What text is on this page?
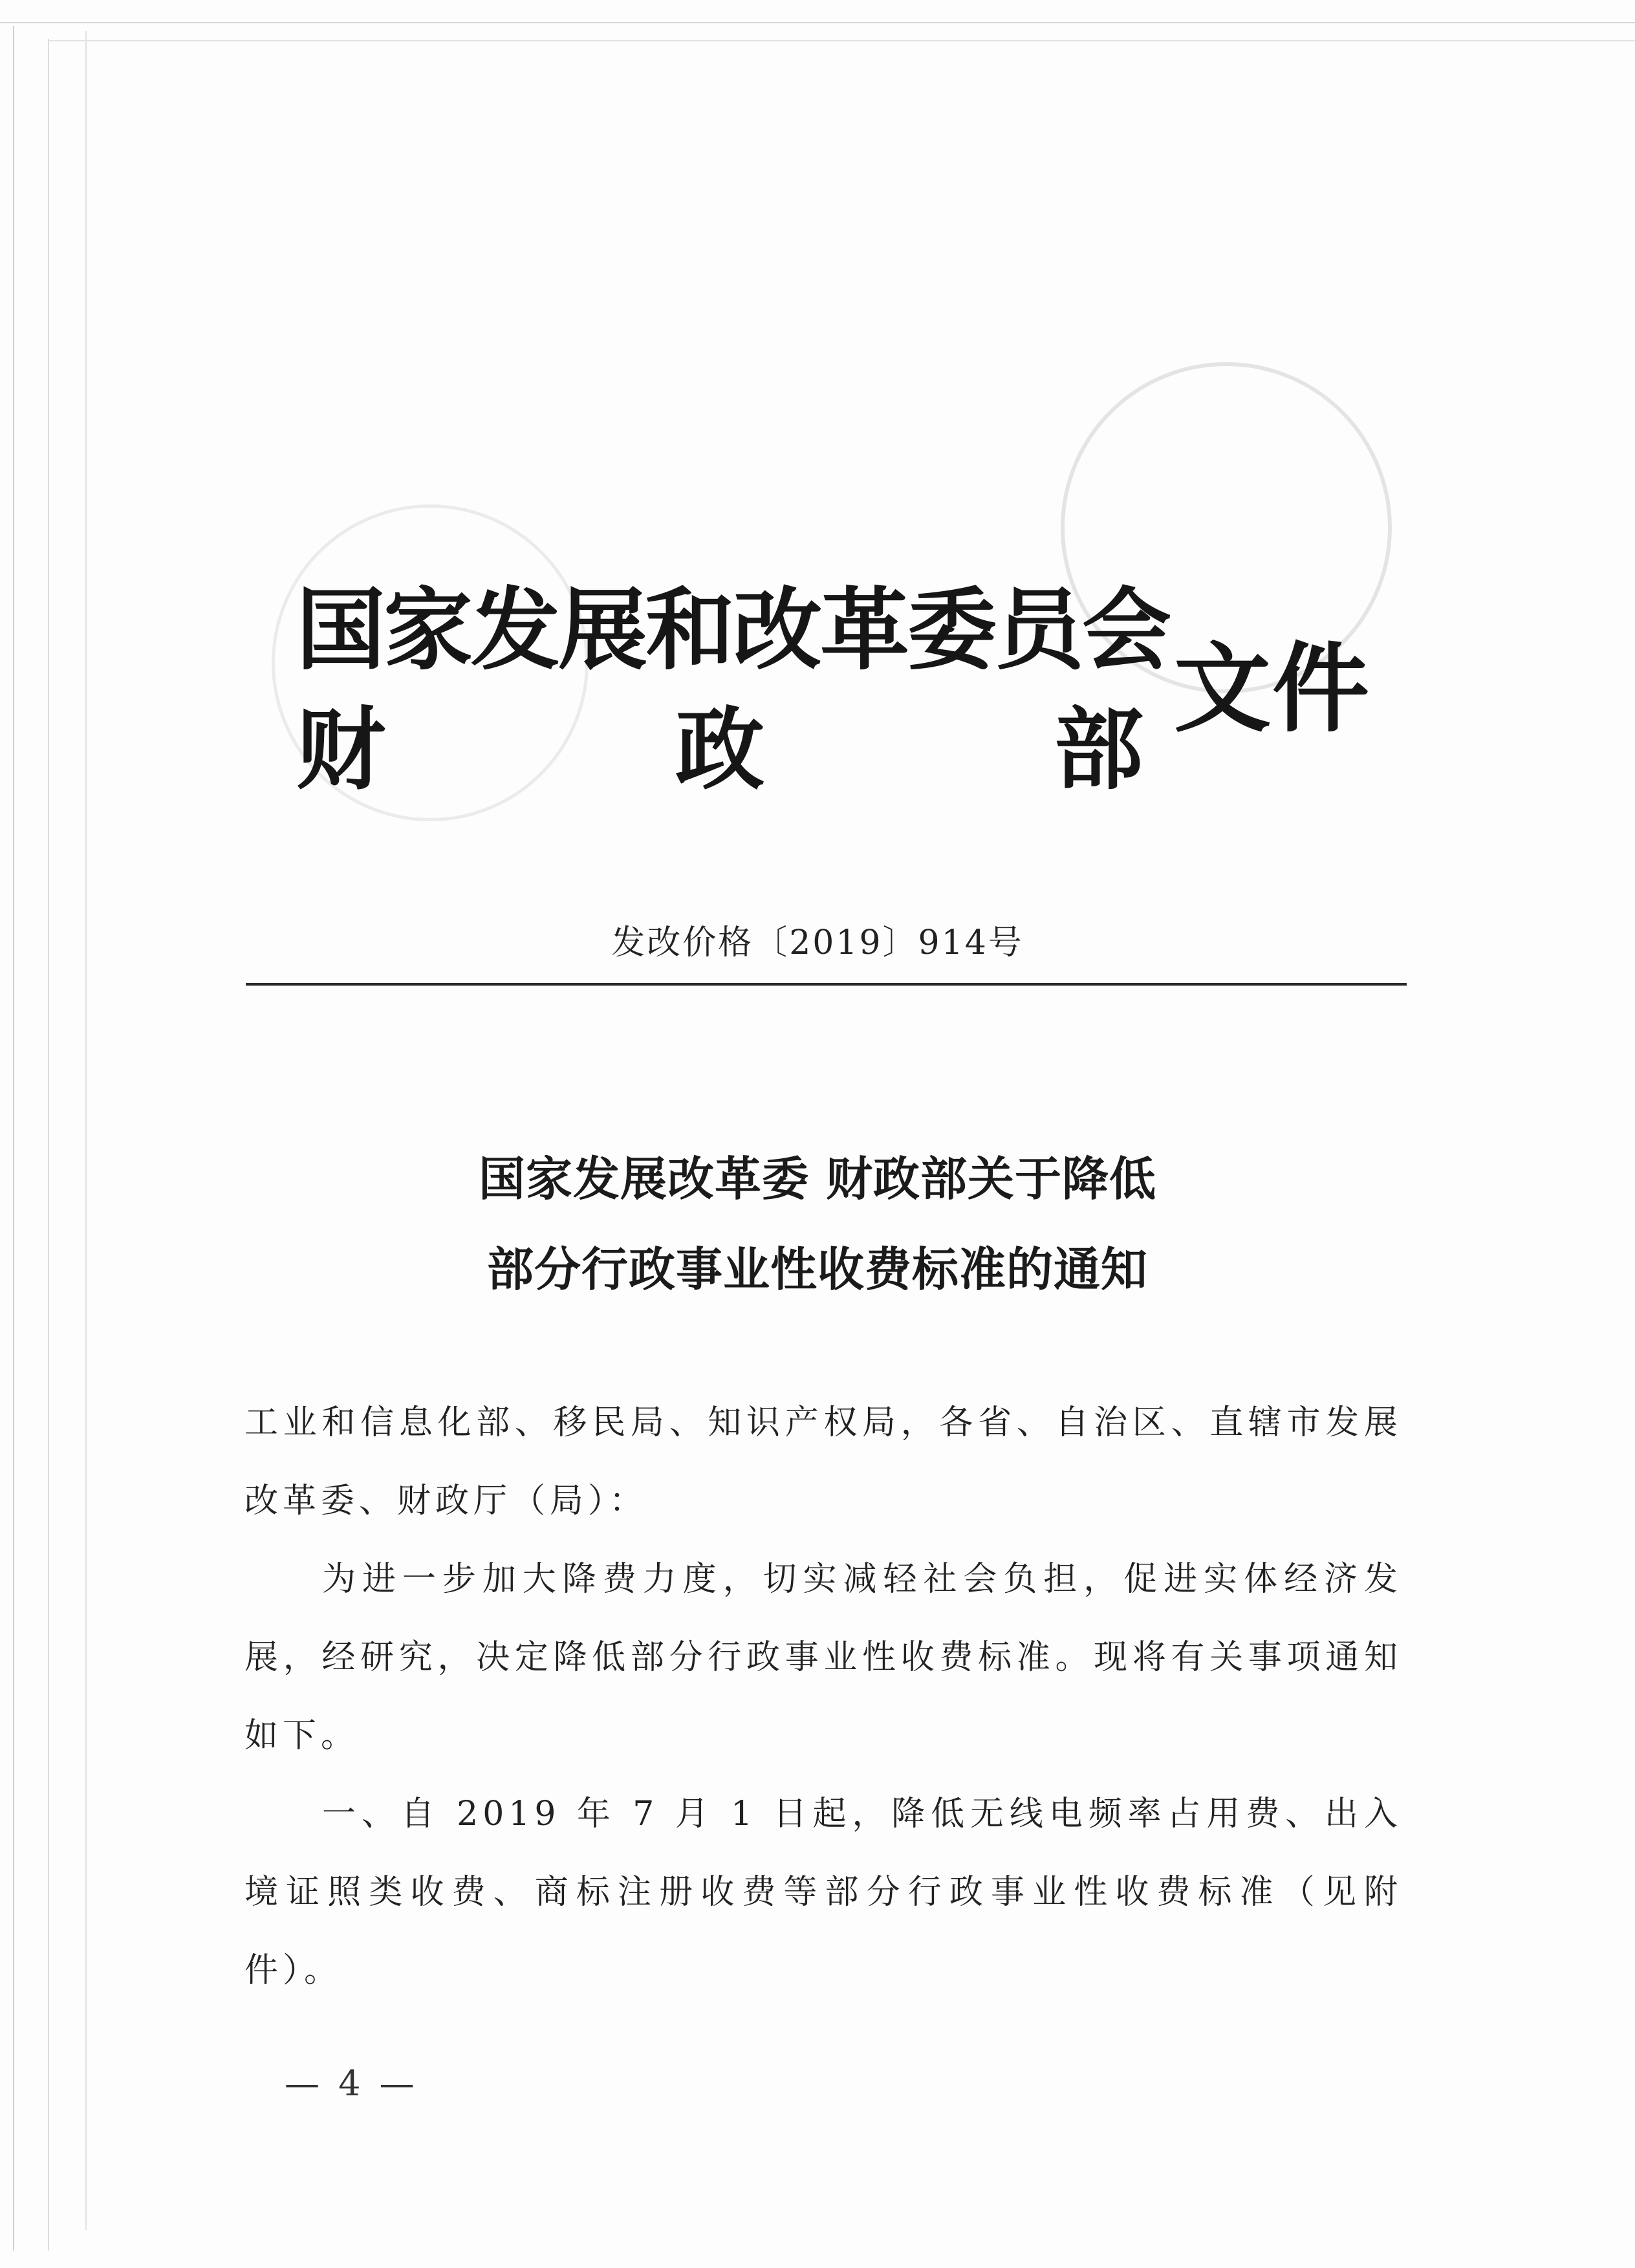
国家发展和改革委员会
财	政	部
文件
发改价格〔2019〕914号
国家发展改革委 财政部关于降低
部分行政事业性收费标准的通知

工业和信息化部、移民局、知识产权局，各省、自治区、直辖市发展改革委、财政厅（局）：

为进一步加大降费力度，切实减轻社会负担，促进实体经济发展，经研究，决定降低部分行政事业性收费标准。现将有关事项通知如下。

一、自 2019 年 7 月 1 日起，降低无线电频率占用费、出入境证照类收费、商标注册收费等部分行政事业性收费标准（见附件）。

— 4 —
